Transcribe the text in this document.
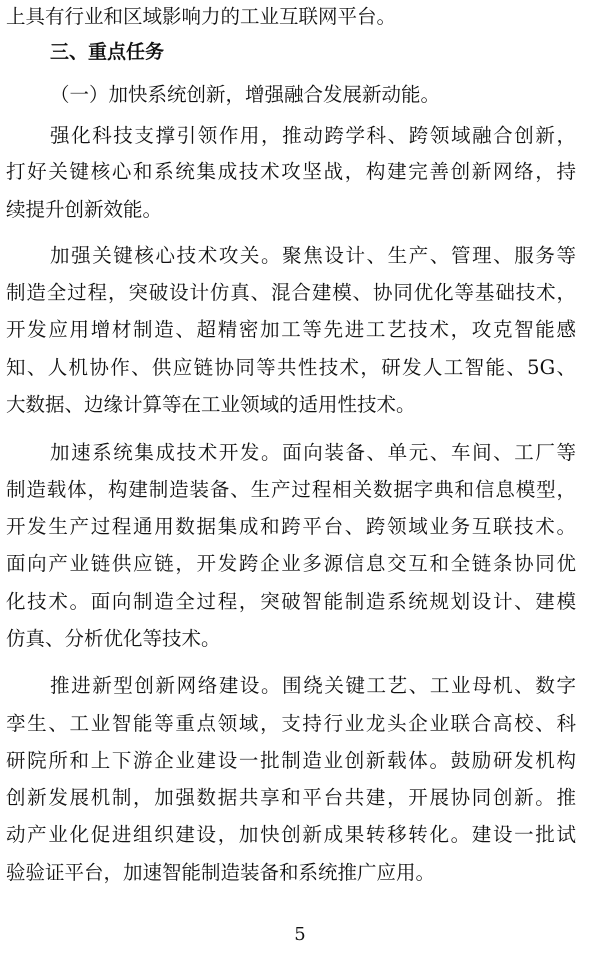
上具有行业和区域影响力的工业互联网平台。
三、重点任务
（一）加快系统创新，增强融合发展新动能。
强化科技支撑引领作用，推动跨学科、跨领域融合创新，
打好关键核心和系统集成技术攻坚战，构建完善创新网络，持
续提升创新效能。
加强关键核心技术攻关。聚焦设计、生产、管理、服务等
制造全过程，突破设计仿真、混合建模、协同优化等基础技术，
开发应用增材制造、超精密加工等先进工艺技术，攻克智能感
知、人机协作、供应链协同等共性技术，研发人工智能、5G、
大数据、边缘计算等在工业领域的适用性技术。
加速系统集成技术开发。面向装备、单元、车间、工厂等
制造载体，构建制造装备、生产过程相关数据字典和信息模型，
开发生产过程通用数据集成和跨平台、跨领域业务互联技术。
面向产业链供应链，开发跨企业多源信息交互和全链条协同优
化技术。面向制造全过程，突破智能制造系统规划设计、建模
仿真、分析优化等技术。
推进新型创新网络建设。围绕关键工艺、工业母机、数字
孪生、工业智能等重点领域，支持行业龙头企业联合高校、科
研院所和上下游企业建设一批制造业创新载体。鼓励研发机构
创新发展机制，加强数据共享和平台共建，开展协同创新。推
动产业化促进组织建设，加快创新成果转移转化。建设一批试
验验证平台，加速智能制造装备和系统推广应用。
5
